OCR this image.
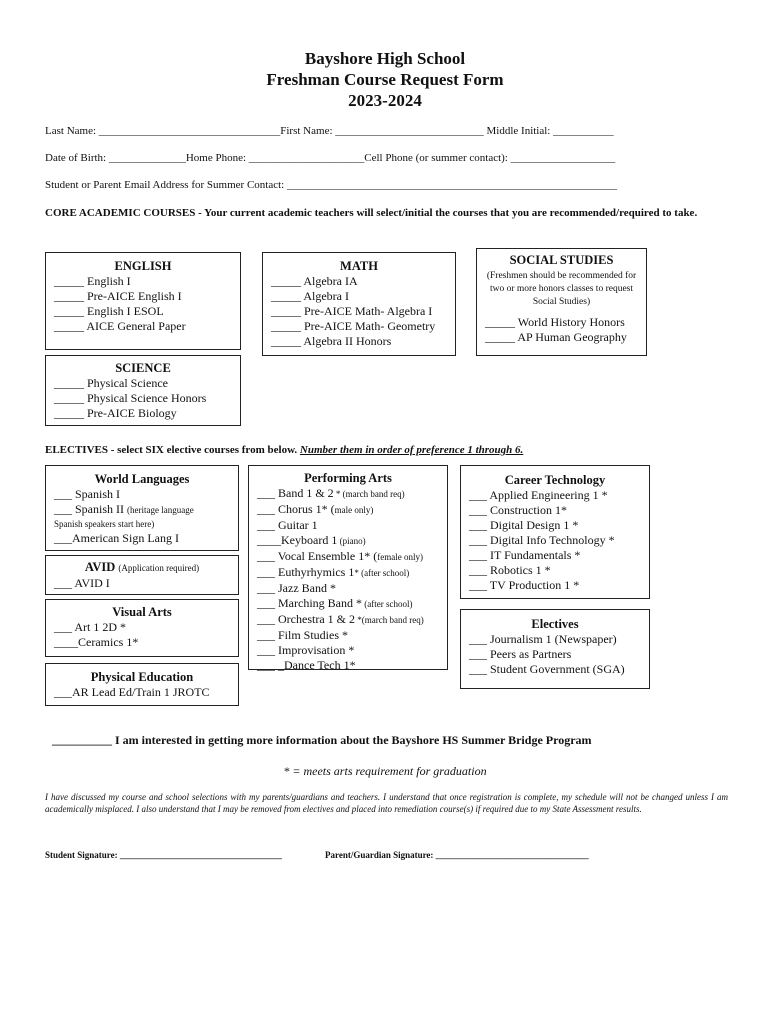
Bayshore High School
Freshman Course Request Form
2023-2024
Last Name: _________________________________First Name: ___________________________ Middle Initial: ___________
Date of Birth: ______________Home Phone: _____________________Cell Phone (or summer contact): ___________________
Student or Parent Email Address for Summer Contact: ____________________________________________________________
CORE ACADEMIC COURSES - Your current academic teachers will select/initial the courses that you are recommended/required to take.
ENGLISH
_____ English I
_____ Pre-AICE English I
_____ English I ESOL
_____ AICE General Paper
MATH
_____ Algebra IA
_____ Algebra I
_____ Pre-AICE Math- Algebra I
_____ Pre-AICE Math- Geometry
_____ Algebra II Honors
SOCIAL STUDIES
(Freshmen should be recommended for two or more honors classes to request Social Studies)
_____ World History Honors
_____ AP Human Geography
SCIENCE
_____ Physical Science
_____ Physical Science Honors
_____ Pre-AICE Biology
ELECTIVES - select SIX elective courses from below. Number them in order of preference 1 through 6.
World Languages
___ Spanish I
___ Spanish II (heritage language
Spanish speakers start here)
___American Sign Lang I
AVID (Application required)
___ AVID I
Visual Arts
___ Art 1 2D *
____Ceramics 1*
Physical Education
___AR Lead Ed/Train 1 JROTC
Performing Arts
___ Band 1 & 2 * (march band req)
___ Chorus 1* (male only)
___ Guitar 1
____Keyboard 1 (piano)
___ Vocal Ensemble 1* (female only)
___ Euthyrhymics 1* (after school)
___ Jazz Band *
___ Marching Band * (after school)
___ Orchestra 1 & 2 *(march band req)
___ Film Studies *
___ Improvisation *
___ _Dance Tech 1*
Career Technology
___ Applied Engineering 1 *
___ Construction 1*
___ Digital Design 1 *
___ Digital Info Technology *
___ IT Fundamentals *
___ Robotics 1 *
___ TV Production 1 *
Electives
___ Journalism 1 (Newspaper)
___ Peers as Partners
___ Student Government (SGA)
__________ I am interested in getting more information about the Bayshore HS Summer Bridge Program
* = meets arts requirement for graduation
I have discussed my course and school selections with my parents/guardians and teachers. I understand that once registration is complete, my schedule will not be changed unless I am academically misplaced. I also understand that I may be removed from electives and placed into remediation course(s) if required due to my State Assessment results.
Student Signature: ____________________________________	Parent/Guardian Signature: __________________________________
